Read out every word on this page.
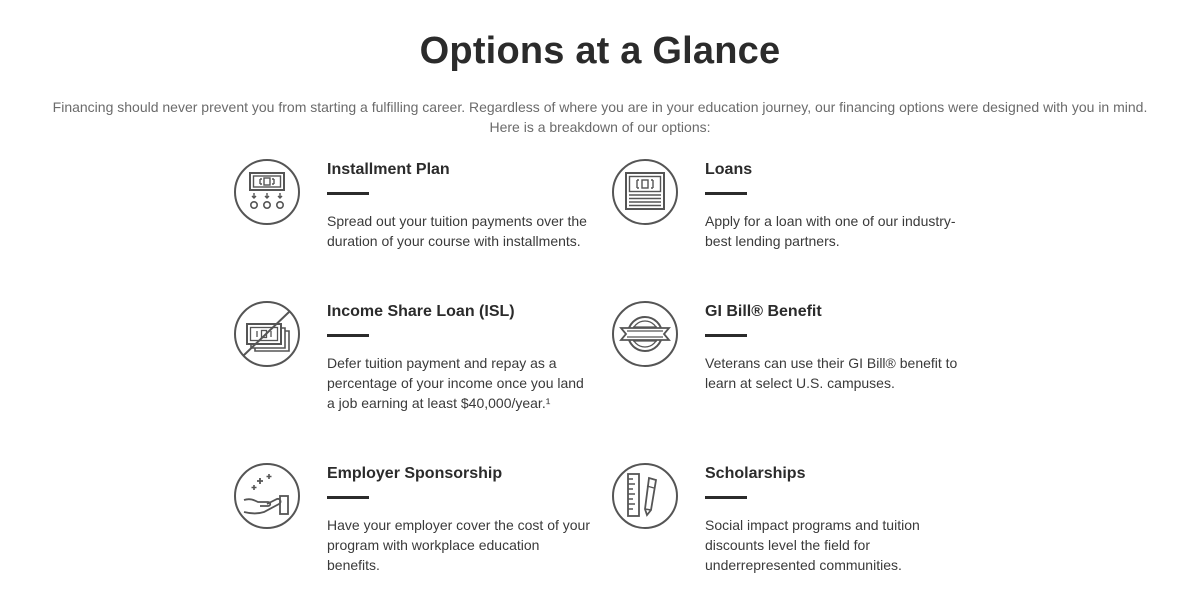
Options at a Glance

Financing should never prevent you from starting a fulfilling career. Regardless of where you are in your education journey, our financing options were designed with you in mind. Here is a breakdown of our options:

Installment Plan

Spread out your tuition payments over the duration of your course with installments.

Loans

Apply for a loan with one of our industry-best lending partners.

Income Share Loan (ISL)

Defer tuition payment and repay as a percentage of your income once you land a job earning at least $40,000/year.¹

GI Bill® Benefit

Veterans can use their GI Bill® benefit to learn at select U.S. campuses.

Employer Sponsorship

Have your employer cover the cost of your program with workplace education benefits.

Scholarships

Social impact programs and tuition discounts level the field for underrepresented communities.
